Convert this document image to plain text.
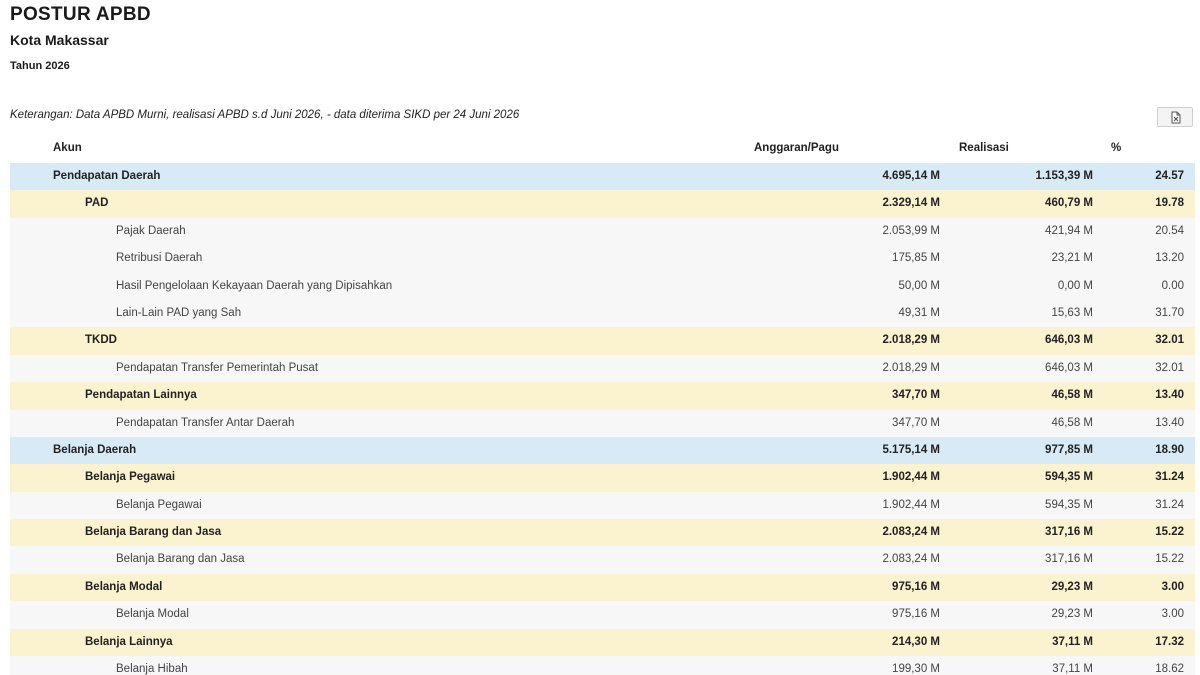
POSTUR APBD
Kota Makassar
Tahun 2026
Keterangan: Data APBD Murni, realisasi APBD s.d Juni 2026, - data diterima SIKD per 24 Juni 2026
Akun	Anggaran/Pagu	Realisasi	%
Pendapatan Daerah	4.695,14 M	1.153,39 M	24.57
PAD	2.329,14 M	460,79 M	19.78
Pajak Daerah	2.053,99 M	421,94 M	20.54
Retribusi Daerah	175,85 M	23,21 M	13.20
Hasil Pengelolaan Kekayaan Daerah yang Dipisahkan	50,00 M	0,00 M	0.00
Lain-Lain PAD yang Sah	49,31 M	15,63 M	31.70
TKDD	2.018,29 M	646,03 M	32.01
Pendapatan Transfer Pemerintah Pusat	2.018,29 M	646,03 M	32.01
Pendapatan Lainnya	347,70 M	46,58 M	13.40
Pendapatan Transfer Antar Daerah	347,70 M	46,58 M	13.40
Belanja Daerah	5.175,14 M	977,85 M	18.90
Belanja Pegawai	1.902,44 M	594,35 M	31.24
Belanja Pegawai	1.902,44 M	594,35 M	31.24
Belanja Barang dan Jasa	2.083,24 M	317,16 M	15.22
Belanja Barang dan Jasa	2.083,24 M	317,16 M	15.22
Belanja Modal	975,16 M	29,23 M	3.00
Belanja Modal	975,16 M	29,23 M	3.00
Belanja Lainnya	214,30 M	37,11 M	17.32
Belanja Hibah	199,30 M	37,11 M	18.62
